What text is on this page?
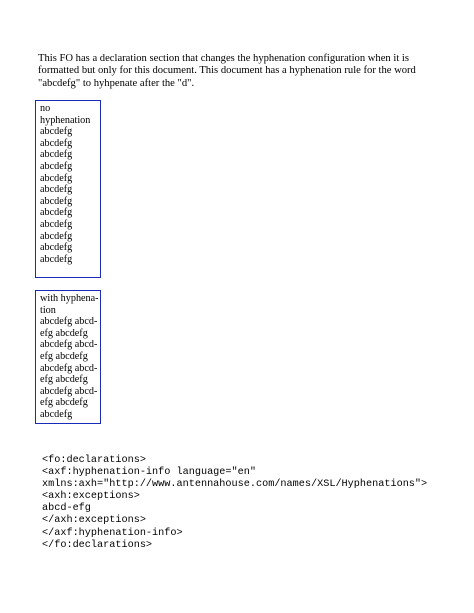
This FO has a declaration section that changes the hyphenation configuration when it is formatted but only for this document. This document has a hyphenation rule for the word "abcdefg" to hyhpenate after the "d".

no
hyphenation
abcdefg
abcdefg
abcdefg
abcdefg
abcdefg
abcdefg
abcdefg
abcdefg
abcdefg
abcdefg
abcdefg
abcdefg
with hyphena-
tion
abcdefg abcd-
efg abcdefg
abcdefg abcd-
efg abcdefg
abcdefg abcd-
efg abcdefg
abcdefg abcd-
efg abcdefg
abcdefg
<fo:declarations>
<axf:hyphenation-info language="en"
xmlns:axh="http://www.antennahouse.com/names/XSL/Hyphenations">
<axh:exceptions>
abcd-efg
</axh:exceptions>
</axf:hyphenation-info>
</fo:declarations>
